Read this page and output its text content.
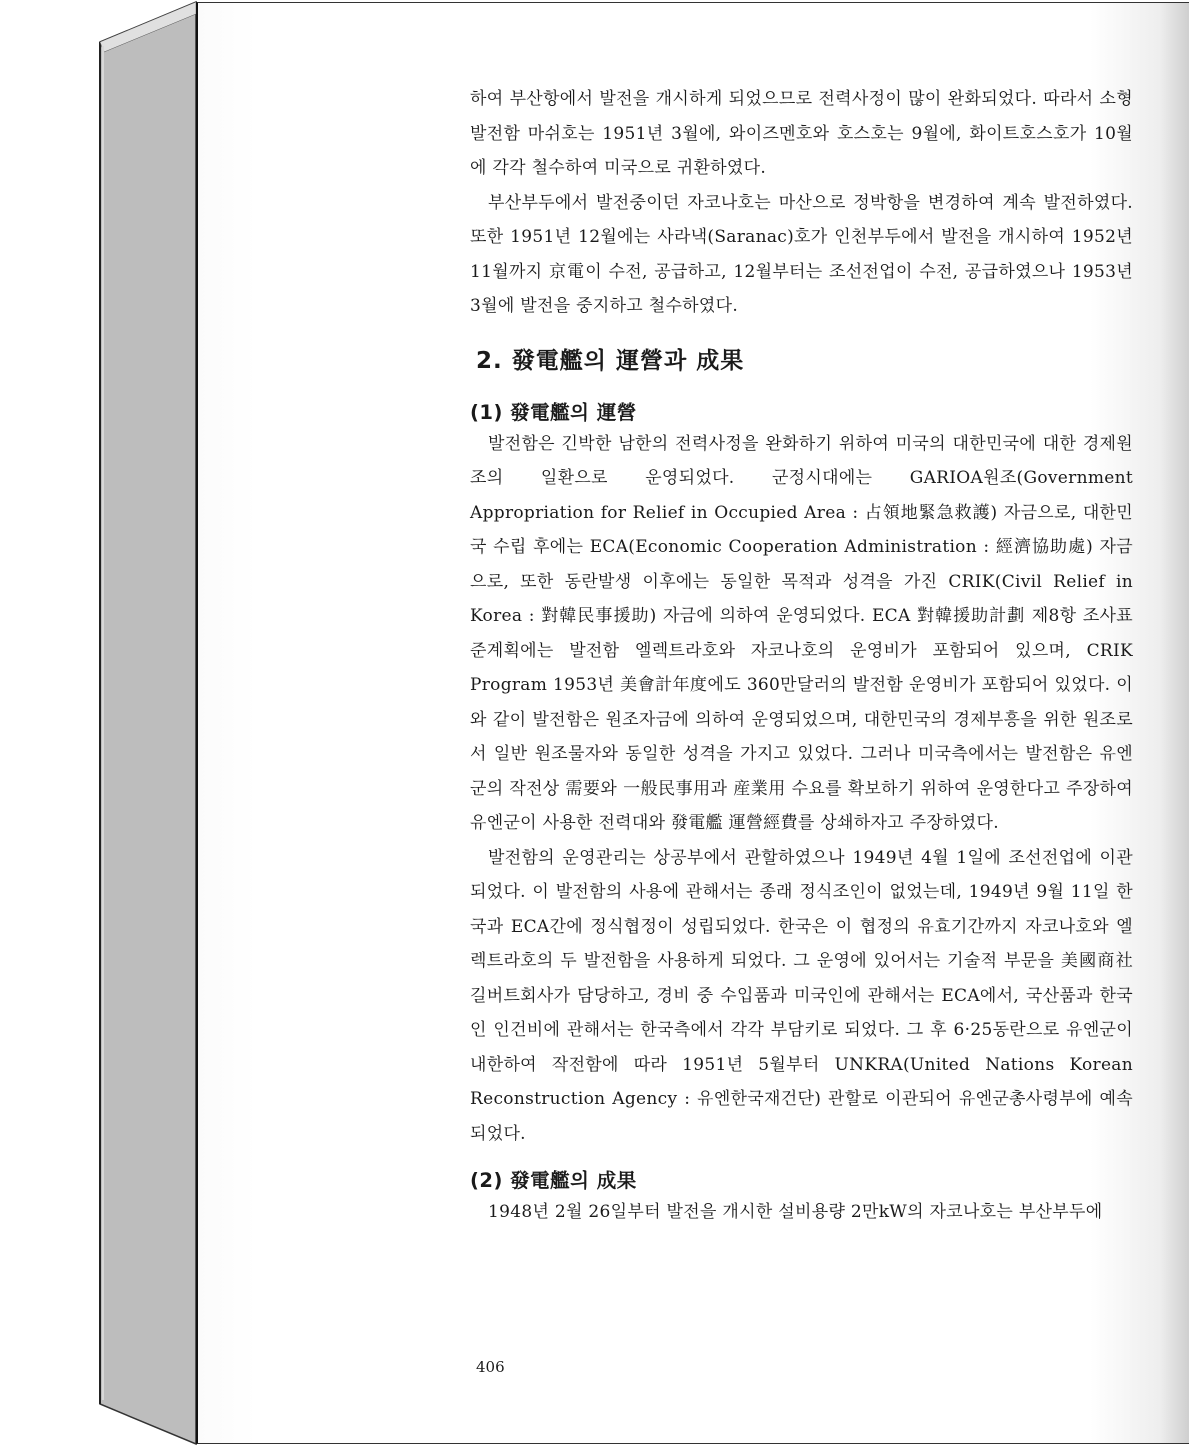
하여 부산항에서 발전을 개시하게 되었으므로 전력사정이 많이 완화되었다. 따라서 소형발전함 마쉬호는 1951년 3월에, 와이즈멘호와 호스호는 9월에, 화이트호스호가 10월에 각각 철수하여 미국으로 귀환하였다.

부산부두에서 발전중이던 자코나호는 마산으로 정박항을 변경하여 계속 발전하였다. 또한 1951년 12월에는 사라낵(Saranac)호가 인천부두에서 발전을 개시하여 1952년 11월까지 京電이 수전, 공급하고, 12월부터는 조선전업이 수전, 공급하였으나 1953년 3월에 발전을 중지하고 철수하였다.

2. 發電艦의 運營과 成果
(1) 發電艦의 運營

발전함은 긴박한 남한의 전력사정을 완화하기 위하여 미국의 대한민국에 대한 경제원조의 일환으로 운영되었다. 군정시대에는 GARIOA원조(Government Appropriation for Relief in Occupied Area : 占領地緊急救護) 자금으로, 대한민국 수립 후에는 ECA(Economic Cooperation Administration : 經濟協助處) 자금으로, 또한 동란발생 이후에는 동일한 목적과 성격을 가진 CRIK(Civil Relief in Korea : 對韓民事援助) 자금에 의하여 운영되었다. ECA 對韓援助計劃 제8항 조사표준계획에는 발전함 엘렉트라호와 자코나호의 운영비가 포함되어 있으며, CRIK Program 1953년 美會計年度에도 360만달러의 발전함 운영비가 포함되어 있었다. 이와 같이 발전함은 원조자금에 의하여 운영되었으며, 대한민국의 경제부흥을 위한 원조로서 일반 원조물자와 동일한 성격을 가지고 있었다. 그러나 미국측에서는 발전함은 유엔군의 작전상 需要와 一般民事用과 産業用 수요를 확보하기 위하여 운영한다고 주장하여 유엔군이 사용한 전력대와 發電艦 運營經費를 상쇄하자고 주장하였다.

발전함의 운영관리는 상공부에서 관할하였으나 1949년 4월 1일에 조선전업에 이관되었다. 이 발전함의 사용에 관해서는 종래 정식조인이 없었는데, 1949년 9월 11일 한국과 ECA간에 정식협정이 성립되었다. 한국은 이 협정의 유효기간까지 자코나호와 엘렉트라호의 두 발전함을 사용하게 되었다. 그 운영에 있어서는 기술적 부문을 美國商社 길버트회사가 담당하고, 경비 중 수입품과 미국인에 관해서는 ECA에서, 국산품과 한국인 인건비에 관해서는 한국측에서 각각 부담키로 되었다. 그 후 6·25동란으로 유엔군이 내한하여 작전함에 따라 1951년 5월부터 UNKRA(United Nations Korean Reconstruction Agency : 유엔한국재건단) 관할로 이관되어 유엔군총사령부에 예속되었다.

(2) 發電艦의 成果

1948년 2월 26일부터 발전을 개시한 설비용량 2만kW의 자코나호는 부산부두에

406
